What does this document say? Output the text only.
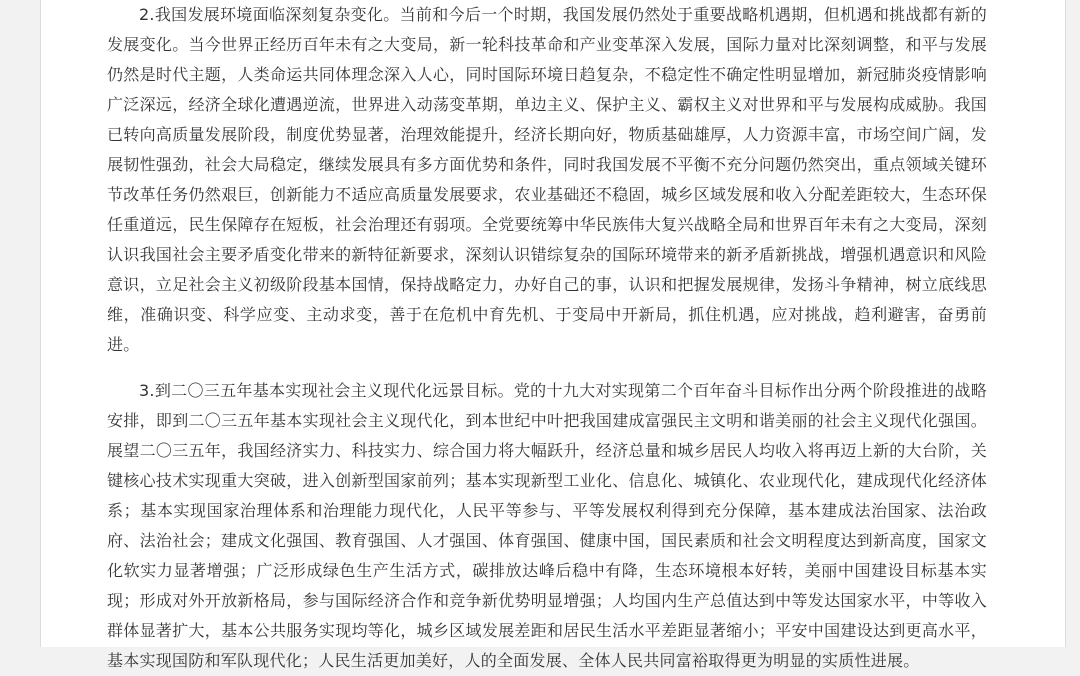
2.我国发展环境面临深刻复杂变化。当前和今后一个时期，我国发展仍然处于重要战略机遇期，但机遇和挑战都有新的发展变化。当今世界正经历百年未有之大变局，新一轮科技革命和产业变革深入发展，国际力量对比深刻调整，和平与发展仍然是时代主题，人类命运共同体理念深入人心，同时国际环境日趋复杂，不稳定性不确定性明显增加，新冠肺炎疫情影响广泛深远，经济全球化遭遇逆流，世界进入动荡变革期，单边主义、保护主义、霸权主义对世界和平与发展构成威胁。我国已转向高质量发展阶段，制度优势显著，治理效能提升，经济长期向好，物质基础雄厚，人力资源丰富，市场空间广阔，发展韧性强劲，社会大局稳定，继续发展具有多方面优势和条件，同时我国发展不平衡不充分问题仍然突出，重点领域关键环节改革任务仍然艰巨，创新能力不适应高质量发展要求，农业基础还不稳固，城乡区域发展和收入分配差距较大，生态环保任重道远，民生保障存在短板，社会治理还有弱项。全党要统筹中华民族伟大复兴战略全局和世界百年未有之大变局，深刻认识我国社会主要矛盾变化带来的新特征新要求，深刻认识错综复杂的国际环境带来的新矛盾新挑战，增强机遇意识和风险意识，立足社会主义初级阶段基本国情，保持战略定力，办好自己的事，认识和把握发展规律，发扬斗争精神，树立底线思维，准确识变、科学应变、主动求变，善于在危机中育先机、于变局中开新局，抓住机遇，应对挑战，趋利避害，奋勇前进。

3.到二〇三五年基本实现社会主义现代化远景目标。党的十九大对实现第二个百年奋斗目标作出分两个阶段推进的战略安排，即到二〇三五年基本实现社会主义现代化，到本世纪中叶把我国建成富强民主文明和谐美丽的社会主义现代化强国。展望二〇三五年，我国经济实力、科技实力、综合国力将大幅跃升，经济总量和城乡居民人均收入将再迈上新的大台阶，关键核心技术实现重大突破，进入创新型国家前列；基本实现新型工业化、信息化、城镇化、农业现代化，建成现代化经济体系；基本实现国家治理体系和治理能力现代化，人民平等参与、平等发展权利得到充分保障，基本建成法治国家、法治政府、法治社会；建成文化强国、教育强国、人才强国、体育强国、健康中国，国民素质和社会文明程度达到新高度，国家文化软实力显著增强；广泛形成绿色生产生活方式，碳排放达峰后稳中有降，生态环境根本好转，美丽中国建设目标基本实现；形成对外开放新格局，参与国际经济合作和竞争新优势明显增强；人均国内生产总值达到中等发达国家水平，中等收入群体显著扩大，基本公共服务实现均等化，城乡区域发展差距和居民生活水平差距显著缩小；平安中国建设达到更高水平，基本实现国防和军队现代化；人民生活更加美好，人的全面发展、全体人民共同富裕取得更为明显的实质性进展。
